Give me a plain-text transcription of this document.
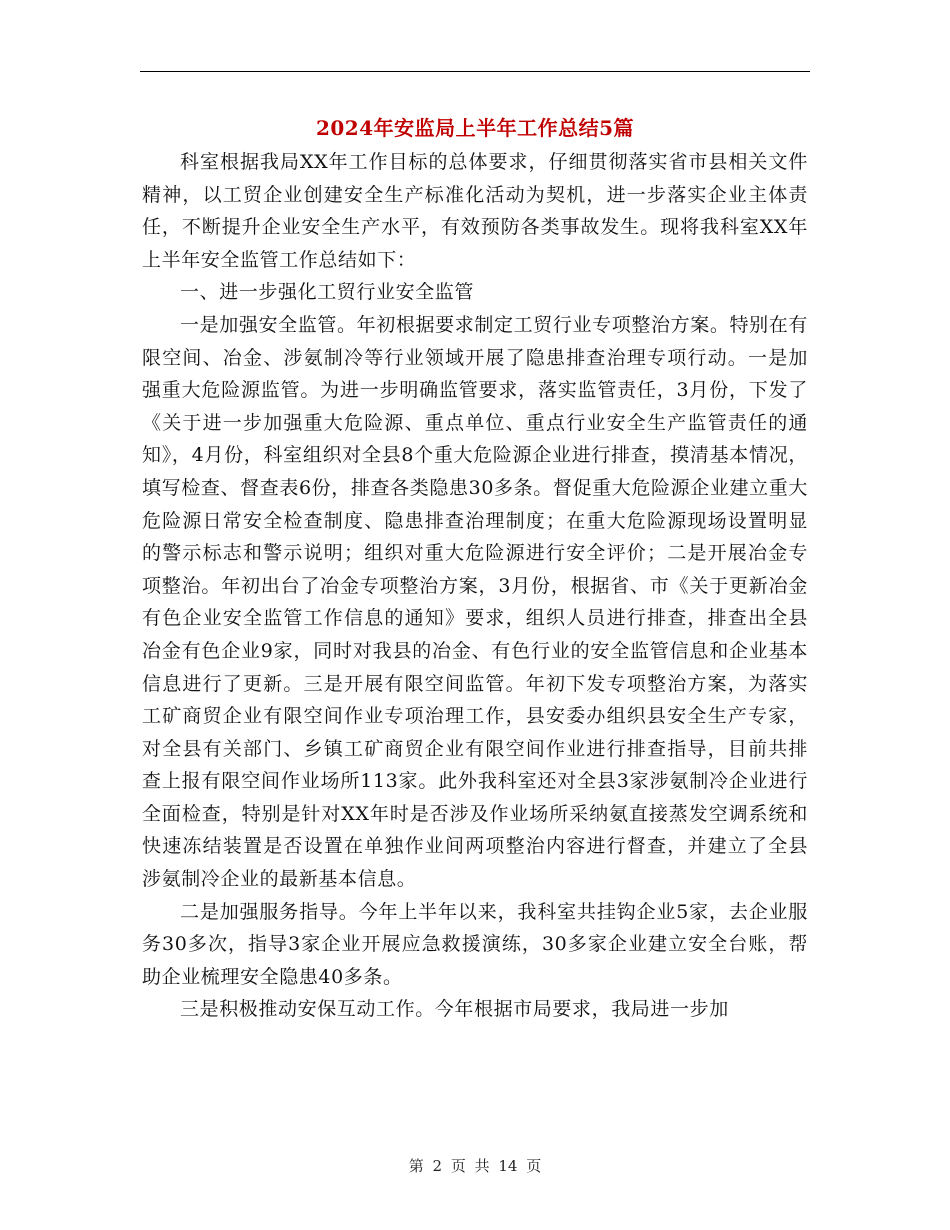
2024年安监局上半年工作总结5篇

科室根据我局XX年工作目标的总体要求，仔细贯彻落实省市县相关文件精神，以工贸企业创建安全生产标准化活动为契机，进一步落实企业主体责任，不断提升企业安全生产水平，有效预防各类事故发生。现将我科室XX年上半年安全监管工作总结如下：

一、进一步强化工贸行业安全监管

一是加强安全监管。年初根据要求制定工贸行业专项整治方案。特别在有限空间、冶金、涉氨制冷等行业领域开展了隐患排查治理专项行动。一是加强重大危险源监管。为进一步明确监管要求，落实监管责任，3月份，下发了《关于进一步加强重大危险源、重点单位、重点行业安全生产监管责任的通知》，4月份，科室组织对全县8个重大危险源企业进行排查，摸清基本情况，填写检查、督查表6份，排查各类隐患30多条。督促重大危险源企业建立重大危险源日常安全检查制度、隐患排查治理制度；在重大危险源现场设置明显的警示标志和警示说明；组织对重大危险源进行安全评价；二是开展冶金专项整治。年初出台了冶金专项整治方案，3月份，根据省、市《关于更新冶金有色企业安全监管工作信息的通知》要求，组织人员进行排查，排查出全县冶金有色企业9家，同时对我县的冶金、有色行业的安全监管信息和企业基本信息进行了更新。三是开展有限空间监管。年初下发专项整治方案，为落实工矿商贸企业有限空间作业专项治理工作，县安委办组织县安全生产专家，对全县有关部门、乡镇工矿商贸企业有限空间作业进行排查指导，目前共排查上报有限空间作业场所113家。此外我科室还对全县3家涉氨制冷企业进行全面检查，特别是针对XX年时是否涉及作业场所采纳氨直接蒸发空调系统和快速冻结装置是否设置在单独作业间两项整治内容进行督查，并建立了全县涉氨制冷企业的最新基本信息。

二是加强服务指导。今年上半年以来，我科室共挂钩企业5家，去企业服务30多次，指导3家企业开展应急救援演练，30多家企业建立安全台账，帮助企业梳理安全隐患40多条。

三是积极推动安保互动工作。今年根据市局要求，我局进一步加

第 2 页 共 14 页
